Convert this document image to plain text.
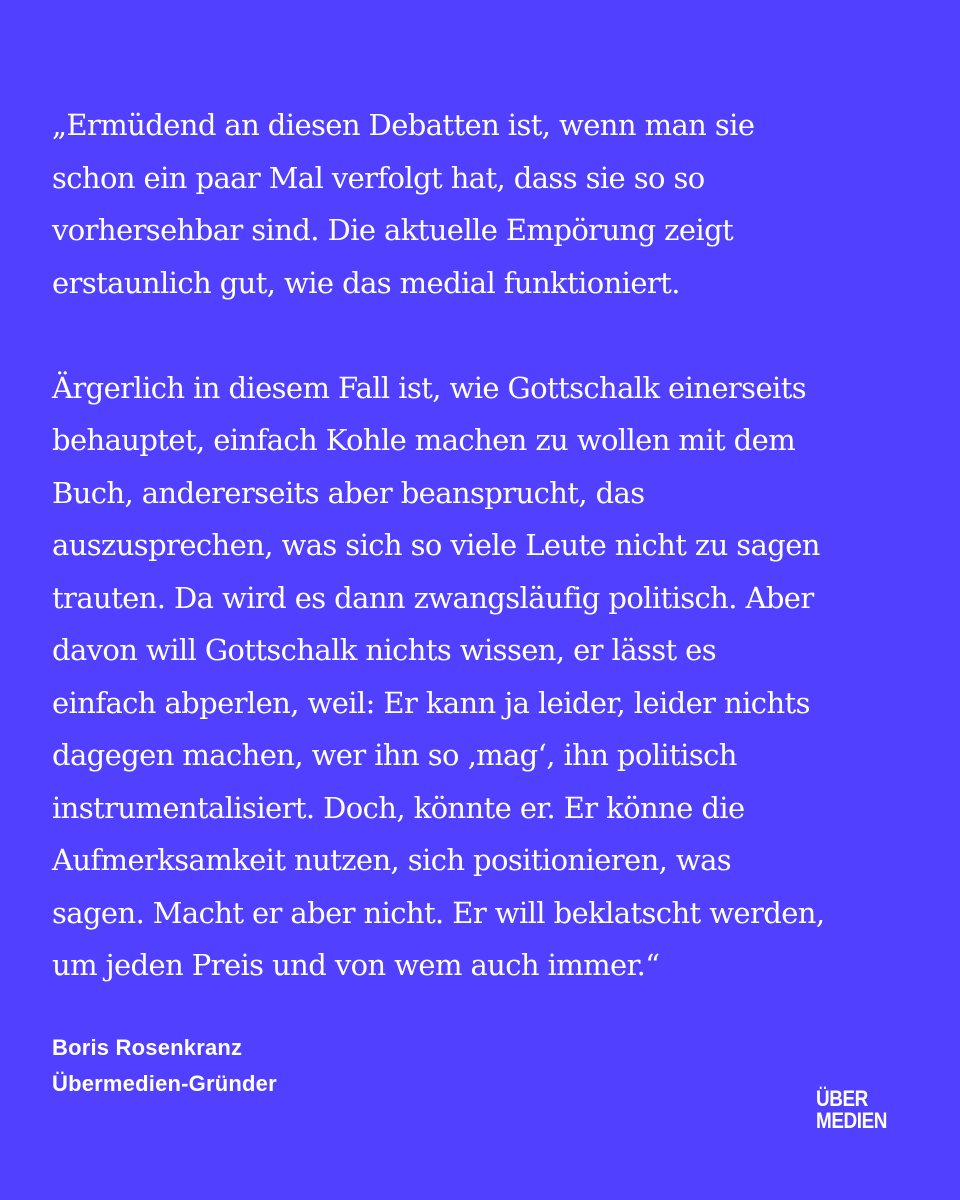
„Ermüdend an diesen Debatten ist, wenn man sie
schon ein paar Mal verfolgt hat, dass sie so so
vorhersehbar sind. Die aktuelle Empörung zeigt
erstaunlich gut, wie das medial funktioniert.

Ärgerlich in diesem Fall ist, wie Gottschalk einerseits
behauptet, einfach Kohle machen zu wollen mit dem
Buch, andererseits aber beansprucht, das
auszusprechen, was sich so viele Leute nicht zu sagen
trauten. Da wird es dann zwangsläufig politisch. Aber
davon will Gottschalk nichts wissen, er lässt es
einfach abperlen, weil: Er kann ja leider, leider nichts
dagegen machen, wer ihn so ‚mag‘, ihn politisch
instrumentalisiert. Doch, könnte er. Er könne die
Aufmerksamkeit nutzen, sich positionieren, was
sagen. Macht er aber nicht. Er will beklatscht werden,
um jeden Preis und von wem auch immer.“

Boris Rosenkranz
Übermedien-Gründer
ÜBER
MEDIEN
